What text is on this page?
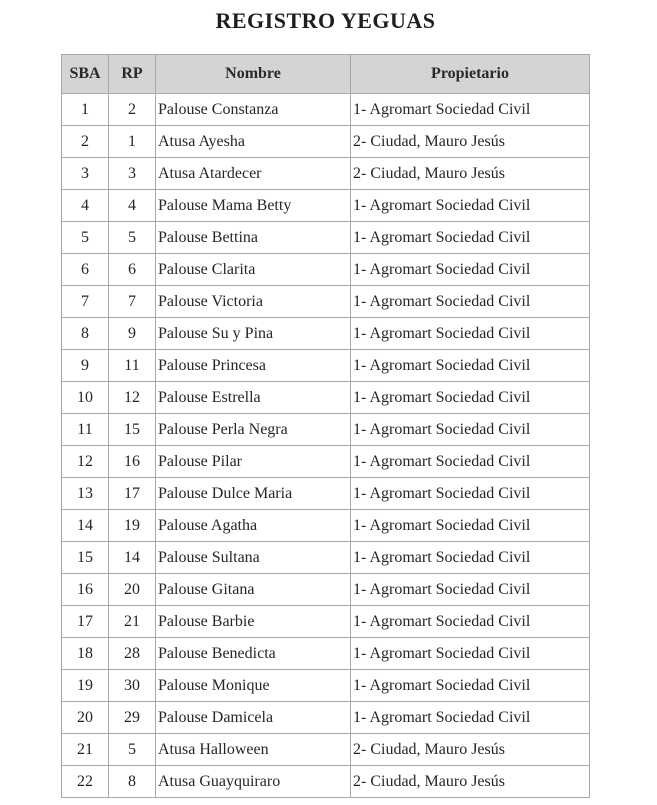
REGISTRO YEGUAS
SBA	RP	Nombre	Propietario
1	2	Palouse Constanza	1- Agromart Sociedad Civil
2	1	Atusa Ayesha	2- Ciudad, Mauro Jesús
3	3	Atusa Atardecer	2- Ciudad, Mauro Jesús
4	4	Palouse Mama Betty	1- Agromart Sociedad Civil
5	5	Palouse Bettina	1- Agromart Sociedad Civil
6	6	Palouse Clarita	1- Agromart Sociedad Civil
7	7	Palouse Victoria	1- Agromart Sociedad Civil
8	9	Palouse Su y Pina	1- Agromart Sociedad Civil
9	11	Palouse Princesa	1- Agromart Sociedad Civil
10	12	Palouse Estrella	1- Agromart Sociedad Civil
11	15	Palouse Perla Negra	1- Agromart Sociedad Civil
12	16	Palouse Pilar	1- Agromart Sociedad Civil
13	17	Palouse Dulce Maria	1- Agromart Sociedad Civil
14	19	Palouse Agatha	1- Agromart Sociedad Civil
15	14	Palouse Sultana	1- Agromart Sociedad Civil
16	20	Palouse Gitana	1- Agromart Sociedad Civil
17	21	Palouse Barbie	1- Agromart Sociedad Civil
18	28	Palouse Benedicta	1- Agromart Sociedad Civil
19	30	Palouse Monique	1- Agromart Sociedad Civil
20	29	Palouse Damicela	1- Agromart Sociedad Civil
21	5	Atusa Halloween	2- Ciudad, Mauro Jesús
22	8	Atusa Guayquiraro	2- Ciudad, Mauro Jesús
